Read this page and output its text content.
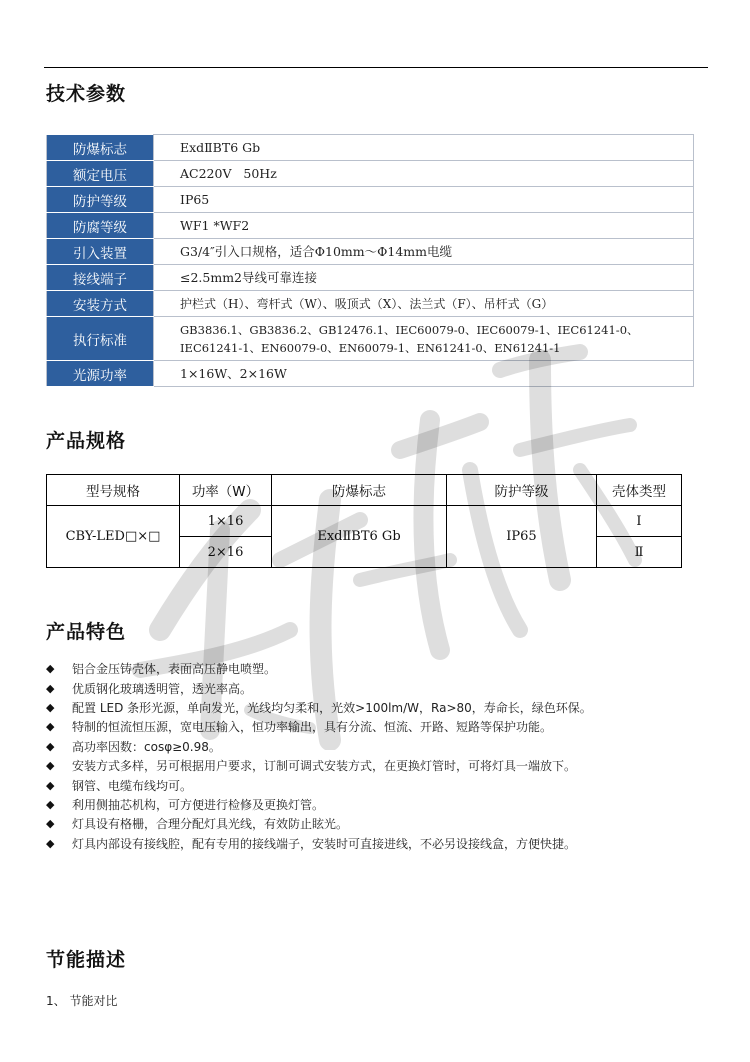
技术参数
防爆标志	ExdⅡBT6 Gb
额定电压	AC220V   50Hz
防护等级	IP65
防腐等级	WF1 *WF2
引入装置	G3/4″引入口规格，适合Φ10mm～Φ14mm电缆
接线端子	≤2.5mm2导线可靠连接
安装方式	护栏式（H）、弯杆式（W）、吸顶式（X）、法兰式（F）、吊杆式（G）
执行标准	GB3836.1、GB3836.2、GB12476.1、IEC60079-0、IEC60079-1、IEC61241-0、
IEC61241-1、EN60079-0、EN60079-1、EN61241-0、EN61241-1

光源功率	1×16W、2×16W
产品规格
型号规格	功率（W）	防爆标志	防护等级	壳体类型
CBY-LED□×□	1×16	ExdⅡBT6 Gb	IP65	Ⅰ
	2×16			Ⅱ
产品特色
◆	铝合金压铸壳体，表面高压静电喷塑。
◆	优质钢化玻璃透明管，透光率高。
◆	配置 LED 条形光源，单向发光，光线均匀柔和，光效>100lm/W，Ra>80，寿命长，绿色环保。
◆	特制的恒流恒压源，宽电压输入，恒功率输出，具有分流、恒流、开路、短路等保护功能。
◆	高功率因数：cosφ≥0.98。
◆	安装方式多样，另可根据用户要求，订制可调式安装方式，在更换灯管时，可将灯具一端放下。
◆	钢管、电缆布线均可。
◆	利用侧抽芯机构，可方便进行检修及更换灯管。
◆	灯具设有格栅，合理分配灯具光线，有效防止眩光。
◆	灯具内部设有接线腔，配有专用的接线端子，安装时可直接进线，不必另设接线盒，方便快捷。
节能描述
1、 节能对比
